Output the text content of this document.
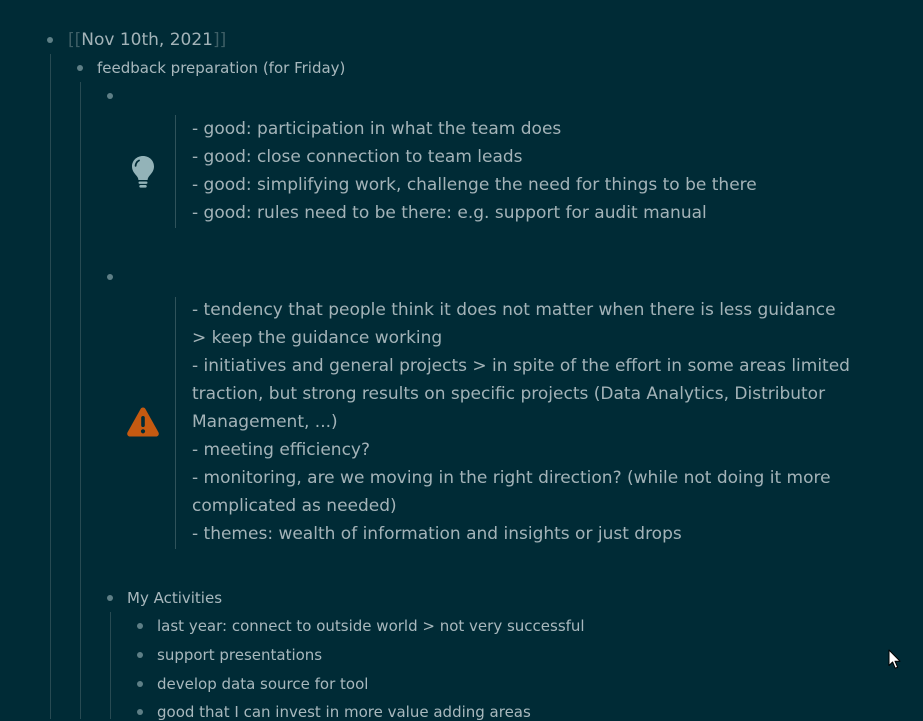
[[Nov 10th, 2021]]
feedback preparation (for Friday)
- good: participation in what the team does
- good: close connection to team leads
- good: simplifying work, challenge the need for things to be there
- good: rules need to be there: e.g. support for audit manual
- tendency that people think it does not matter when there is less guidance
> keep the guidance working
- initiatives and general projects > in spite of the effort in some areas limited
traction, but strong results on specific projects (Data Analytics, Distributor
Management, ...)
- meeting efficiency?
- monitoring, are we moving in the right direction? (while not doing it more
complicated as needed)
- themes: wealth of information and insights or just drops
My Activities
last year: connect to outside world > not very successful
support presentations
develop data source for tool
good that I can invest in more value adding areas
